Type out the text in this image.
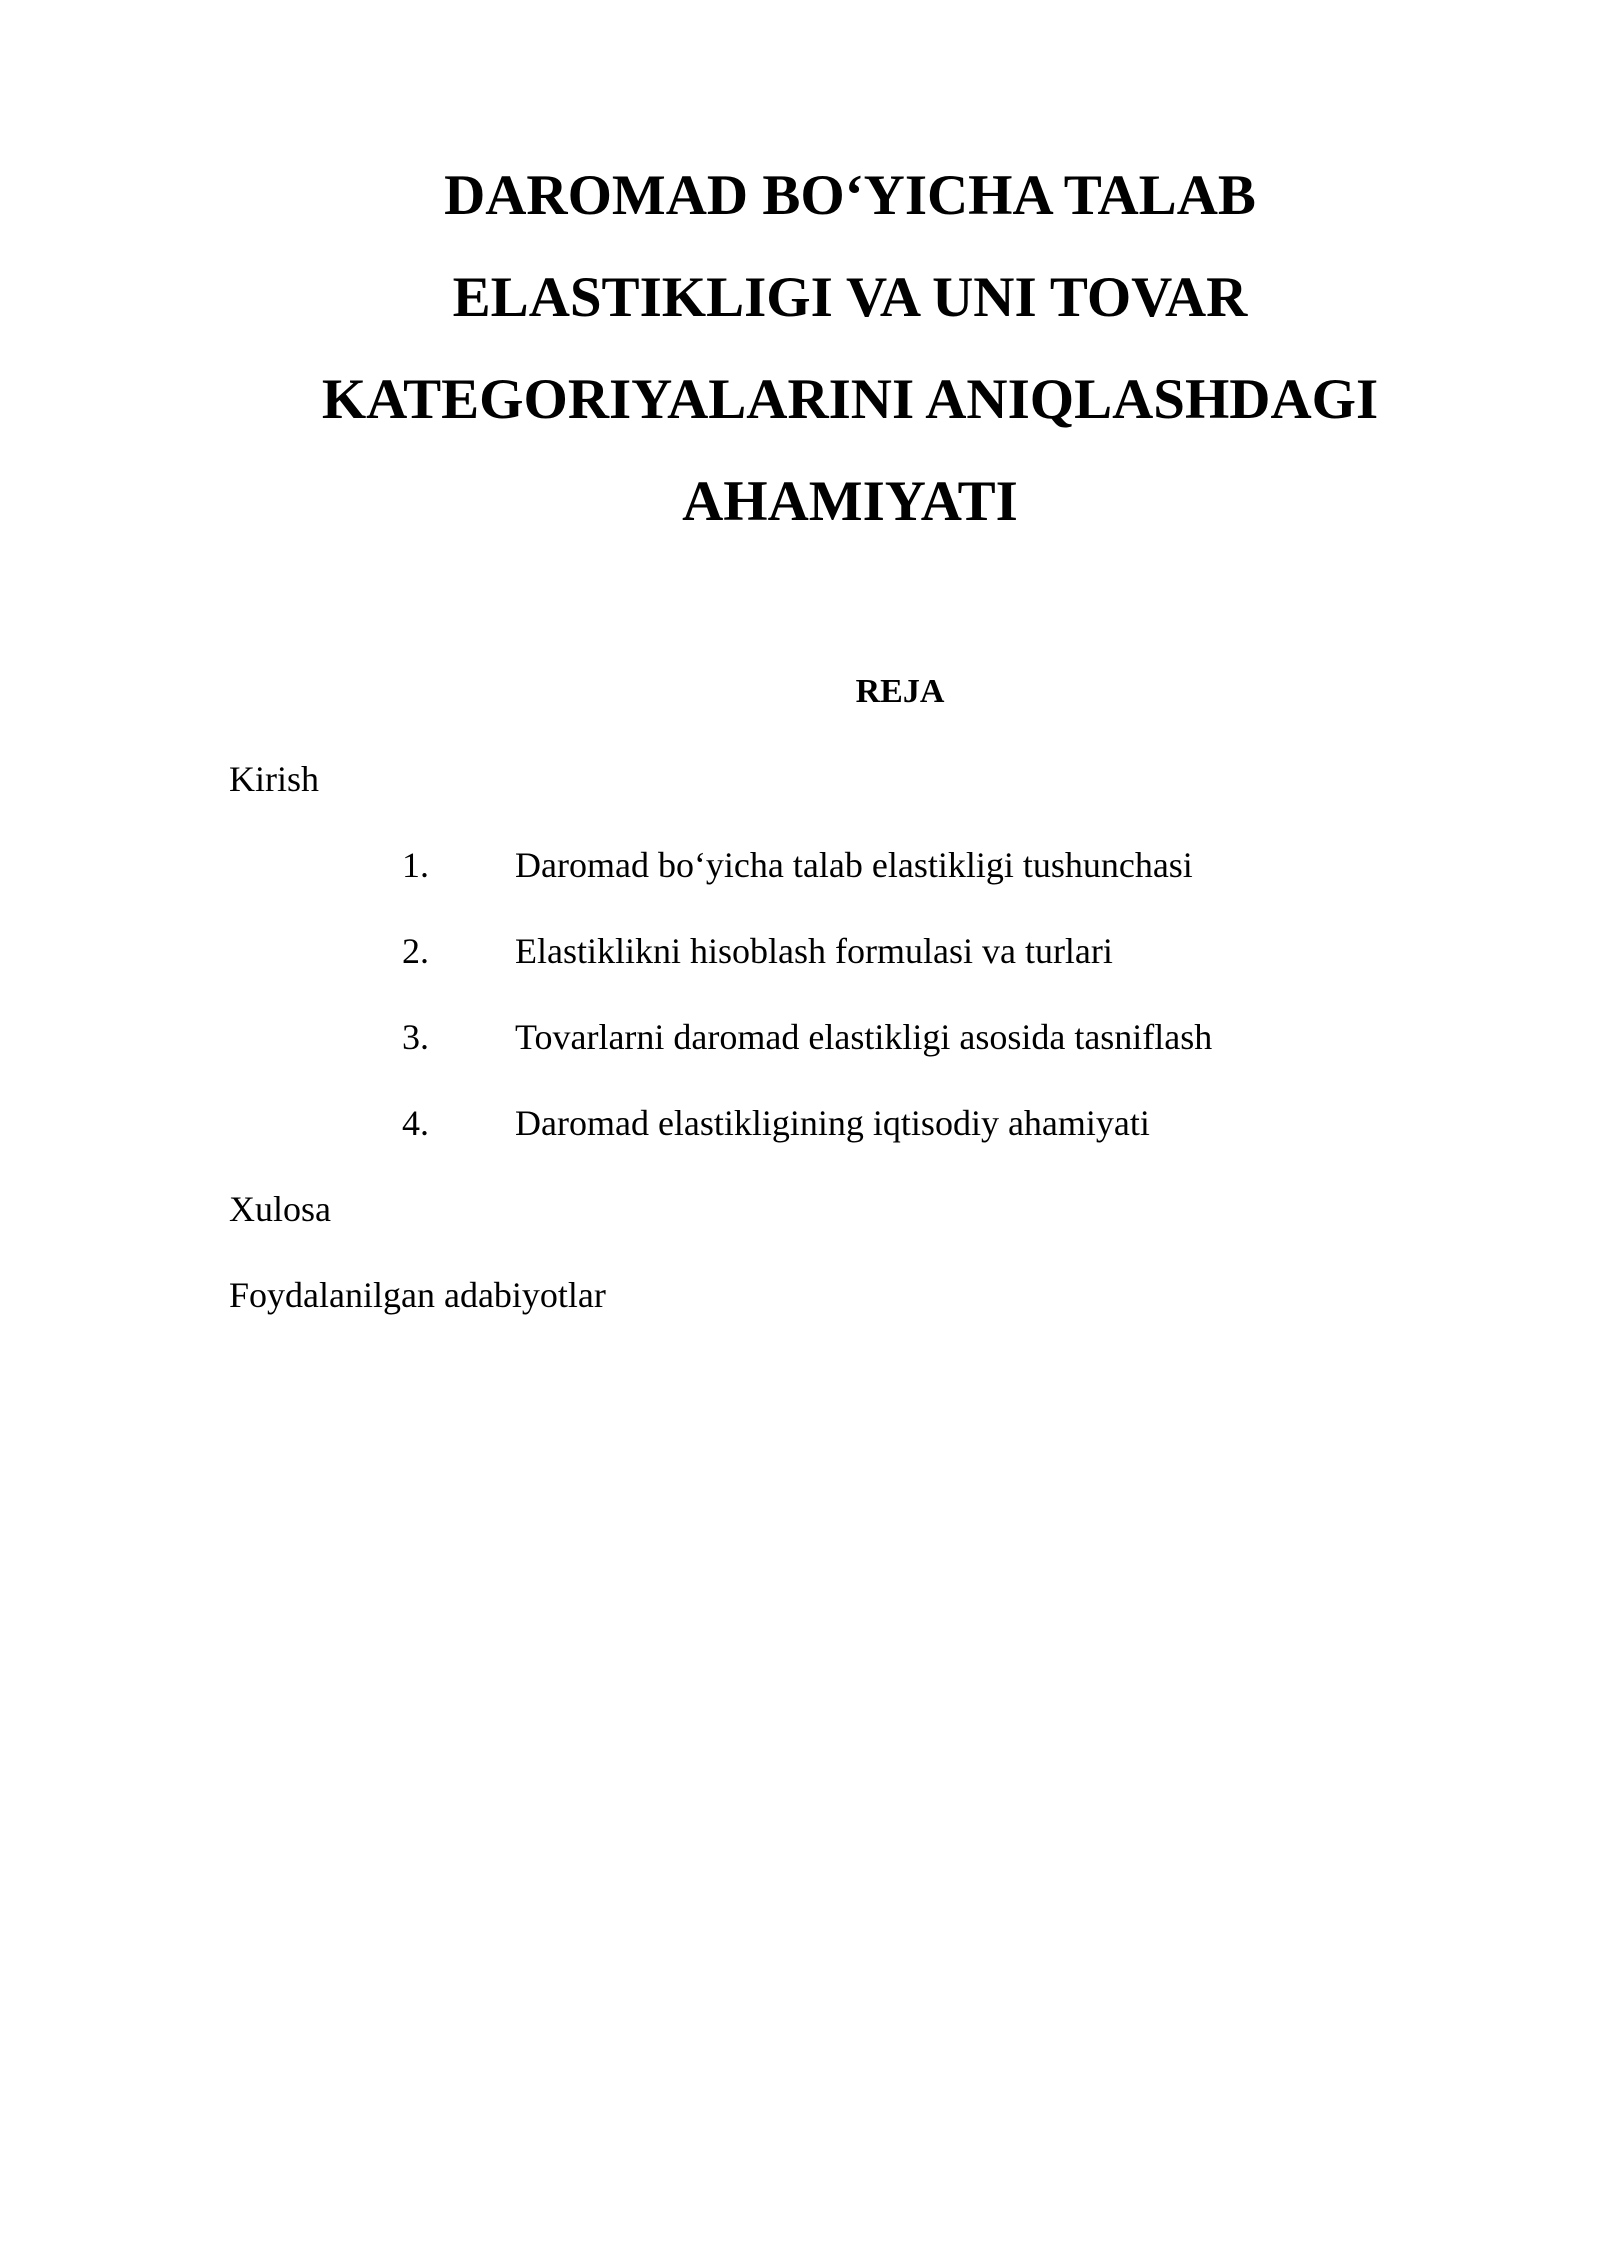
DAROMAD BO‘YICHA TALAB
ELASTIKLIGI VA UNI TOVAR
KATEGORIYALARINI ANIQLASHDAGI
AHAMIYATI
REJA

Kirish

1. Daromad bo‘yicha talab elastikligi tushunchasi
2. Elastiklikni hisoblash formulasi va turlari
3. Tovarlarni daromad elastikligi asosida tasniflash
4. Daromad elastikligining iqtisodiy ahamiyati

Xulosa

Foydalanilgan adabiyotlar
